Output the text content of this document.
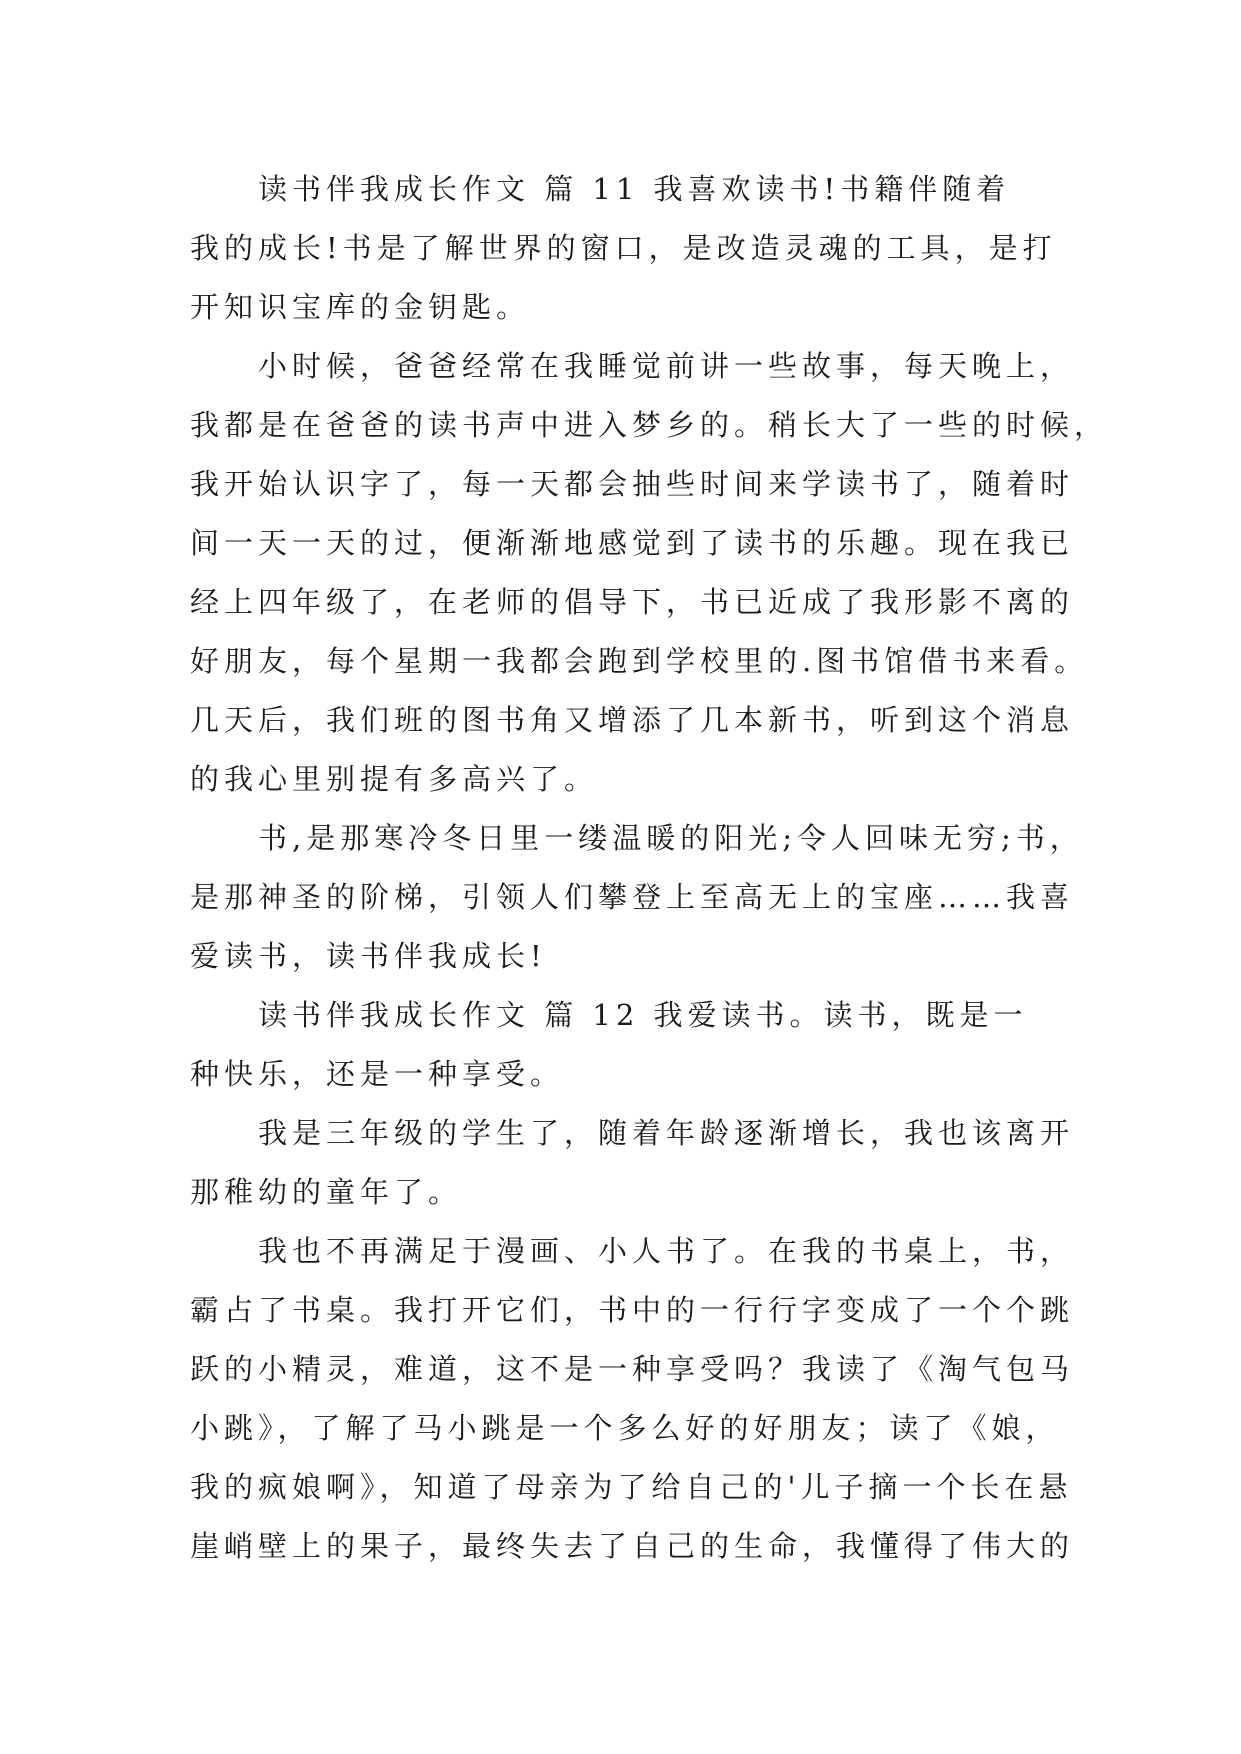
读书伴我成长作文 篇 11 我喜欢读书!书籍伴随着
我的成长!书是了解世界的窗口，是改造灵魂的工具，是打
开知识宝库的金钥匙。
小时候，爸爸经常在我睡觉前讲一些故事，每天晚上，
我都是在爸爸的读书声中进入梦乡的。稍长大了一些的时候，
我开始认识字了，每一天都会抽些时间来学读书了，随着时
间一天一天的过，便渐渐地感觉到了读书的乐趣。现在我已
经上四年级了，在老师的倡导下，书已近成了我形影不离的
好朋友，每个星期一我都会跑到学校里的.图书馆借书来看。
几天后，我们班的图书角又增添了几本新书，听到这个消息
的我心里别提有多高兴了。
书,是那寒冷冬日里一缕温暖的阳光;令人回味无穷;书，
是那神圣的阶梯，引领人们攀登上至高无上的宝座……我喜
爱读书，读书伴我成长!
读书伴我成长作文 篇 12 我爱读书。读书，既是一
种快乐，还是一种享受。
我是三年级的学生了，随着年龄逐渐增长，我也该离开
那稚幼的童年了。
我也不再满足于漫画、小人书了。在我的书桌上，书，
霸占了书桌。我打开它们，书中的一行行字变成了一个个跳
跃的小精灵，难道，这不是一种享受吗？我读了《淘气包马
小跳》，了解了马小跳是一个多么好的好朋友；读了《娘，
我的疯娘啊》，知道了母亲为了给自己的'儿子摘一个长在悬
崖峭壁上的果子，最终失去了自己的生命，我懂得了伟大的
